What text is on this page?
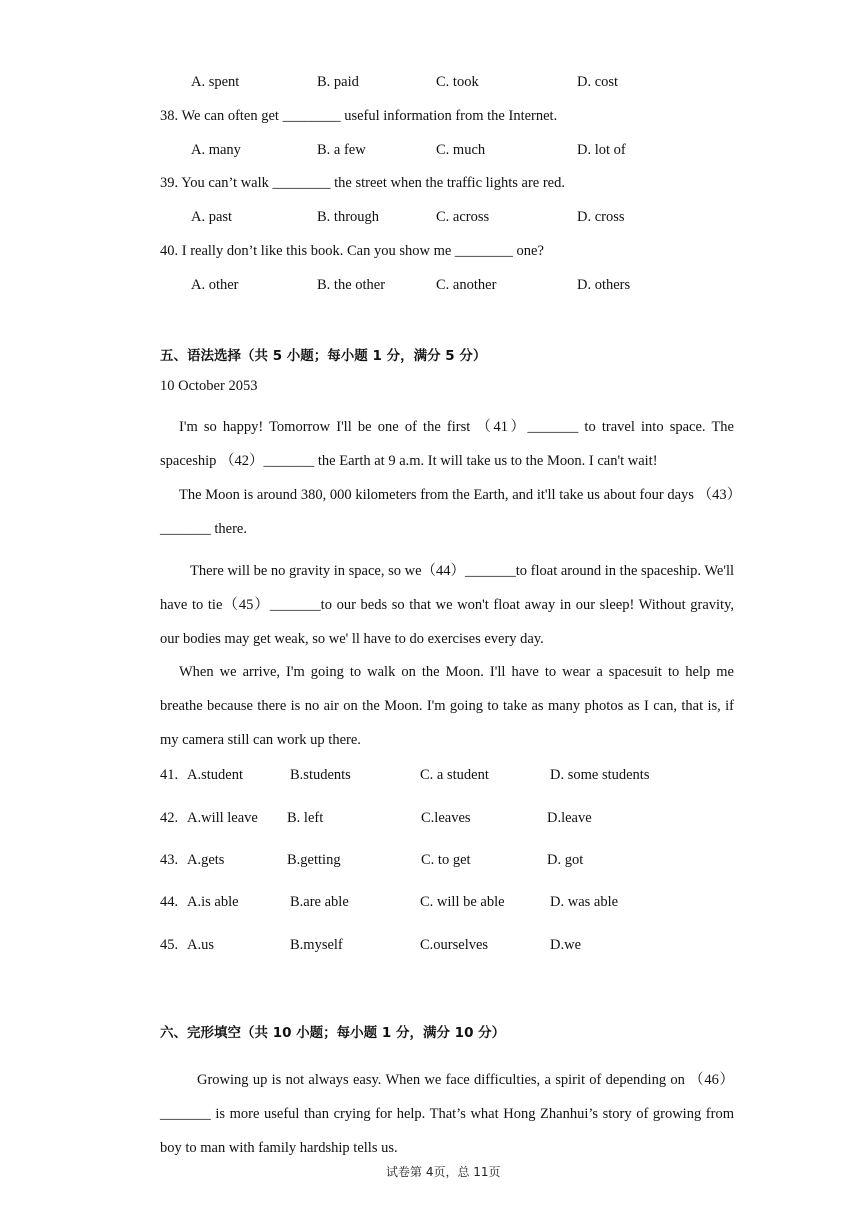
A. spent	B. paid	C. took	D. cost
38. We can often get ________ useful information from the Internet.
A. many	B. a few	C. much	D. lot of
39. You can’t walk ________ the street when the traffic lights are red.
A. past	B. through	C. across	D. cross
40. I really don’t like this book. Can you show me ________ one?
A. other	B. the other	C. another	D. others
五、语法选择（共 5 小题；每小题 1 分，满分 5 分）
10 October 2053
I'm so happy! Tomorrow I'll be one of the first （41）_______ to travel into space. The spaceship （42）_______ the Earth at 9 a.m. It will take us to the Moon. I can't wait!
The Moon is around 380, 000 kilometers from the Earth, and it'll take us about four days （43）_______ there.
There will be no gravity in space, so we（44）_______to float around in the spaceship. We'll have to tie（45）_______to our beds so that we won't float away in our sleep! Without gravity, our bodies may get weak, so we' ll have to do exercises every day.
When we arrive, I'm going to walk on the Moon. I'll have to wear a spacesuit to help me breathe because there is no air on the Moon. I'm going to take as many photos as I can, that is, if my camera still can work up there.
41. A.student	B.students	C. a student	D. some students
42. A.will leave B. left	C.leaves	D.leave
43. A.gets	B.getting	C. to get	D. got
44. A.is able	B.are able	C. will be able	D. was able
45. A.us	B.myself	C.ourselves	D.we
六、完形填空（共 10 小题；每小题 1 分，满分 10 分）
Growing up is not always easy. When we face difficulties, a spirit of depending on （46）_______ is more useful than crying for help. That’s what Hong Zhanhui’s story of growing from boy to man with family hardship tells us.
试卷第 4页，总 11页
